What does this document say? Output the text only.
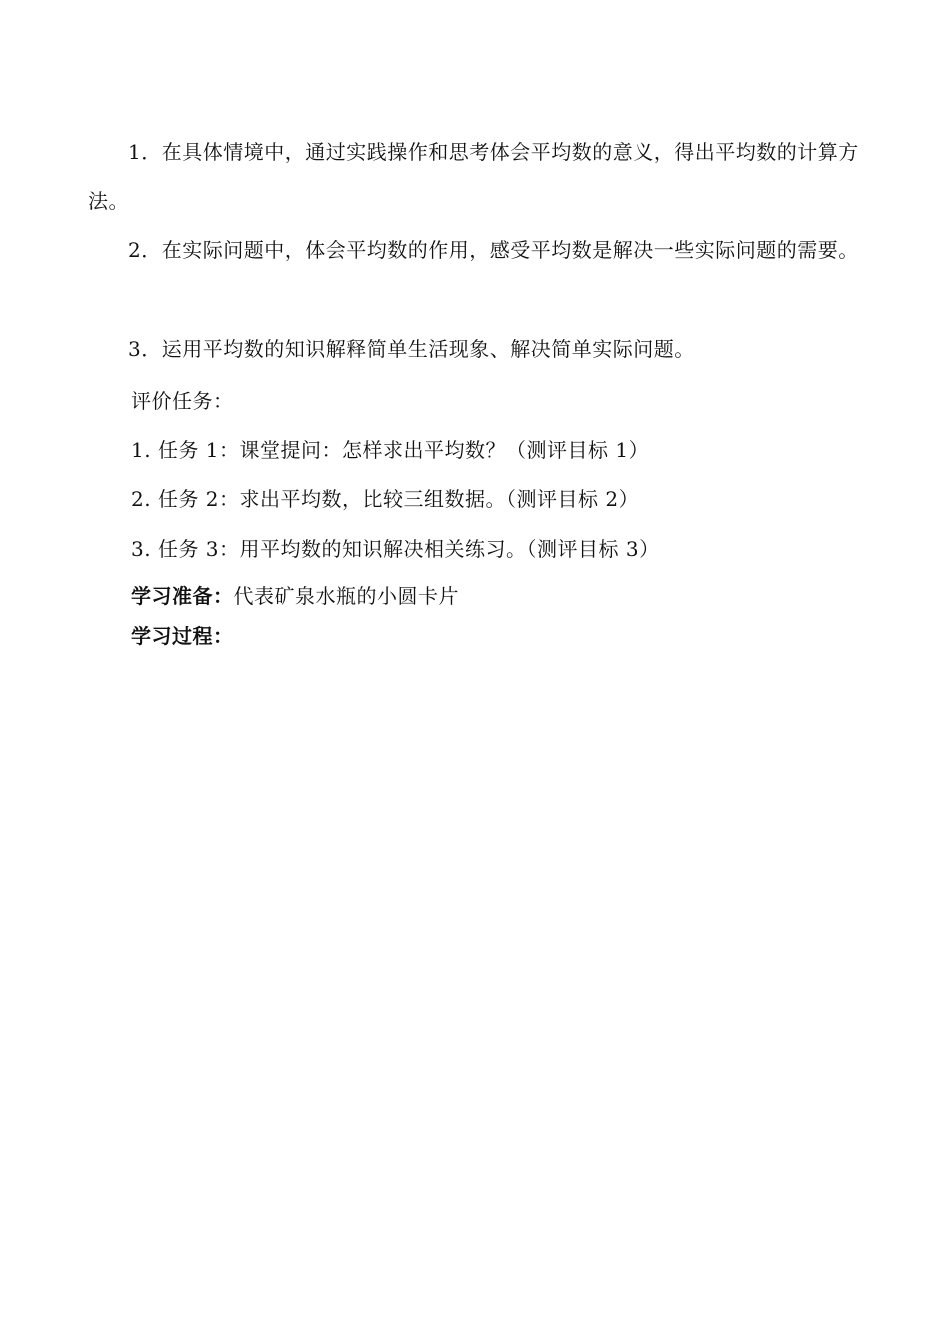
1．在具体情境中，通过实践操作和思考体会平均数的意义，得出平均数的计算方法。

2．在实际问题中，体会平均数的作用，感受平均数是解决一些实际问题的需要。

3．运用平均数的知识解释简单生活现象、解决简单实际问题。

评价任务：

1. 任务 1：课堂提问：怎样求出平均数？（测评目标 1）

2. 任务 2：求出平均数，比较三组数据。（测评目标 2）

3. 任务 3：用平均数的知识解决相关练习。（测评目标 3）

学习准备：代表矿泉水瓶的小圆卡片

学习过程：
